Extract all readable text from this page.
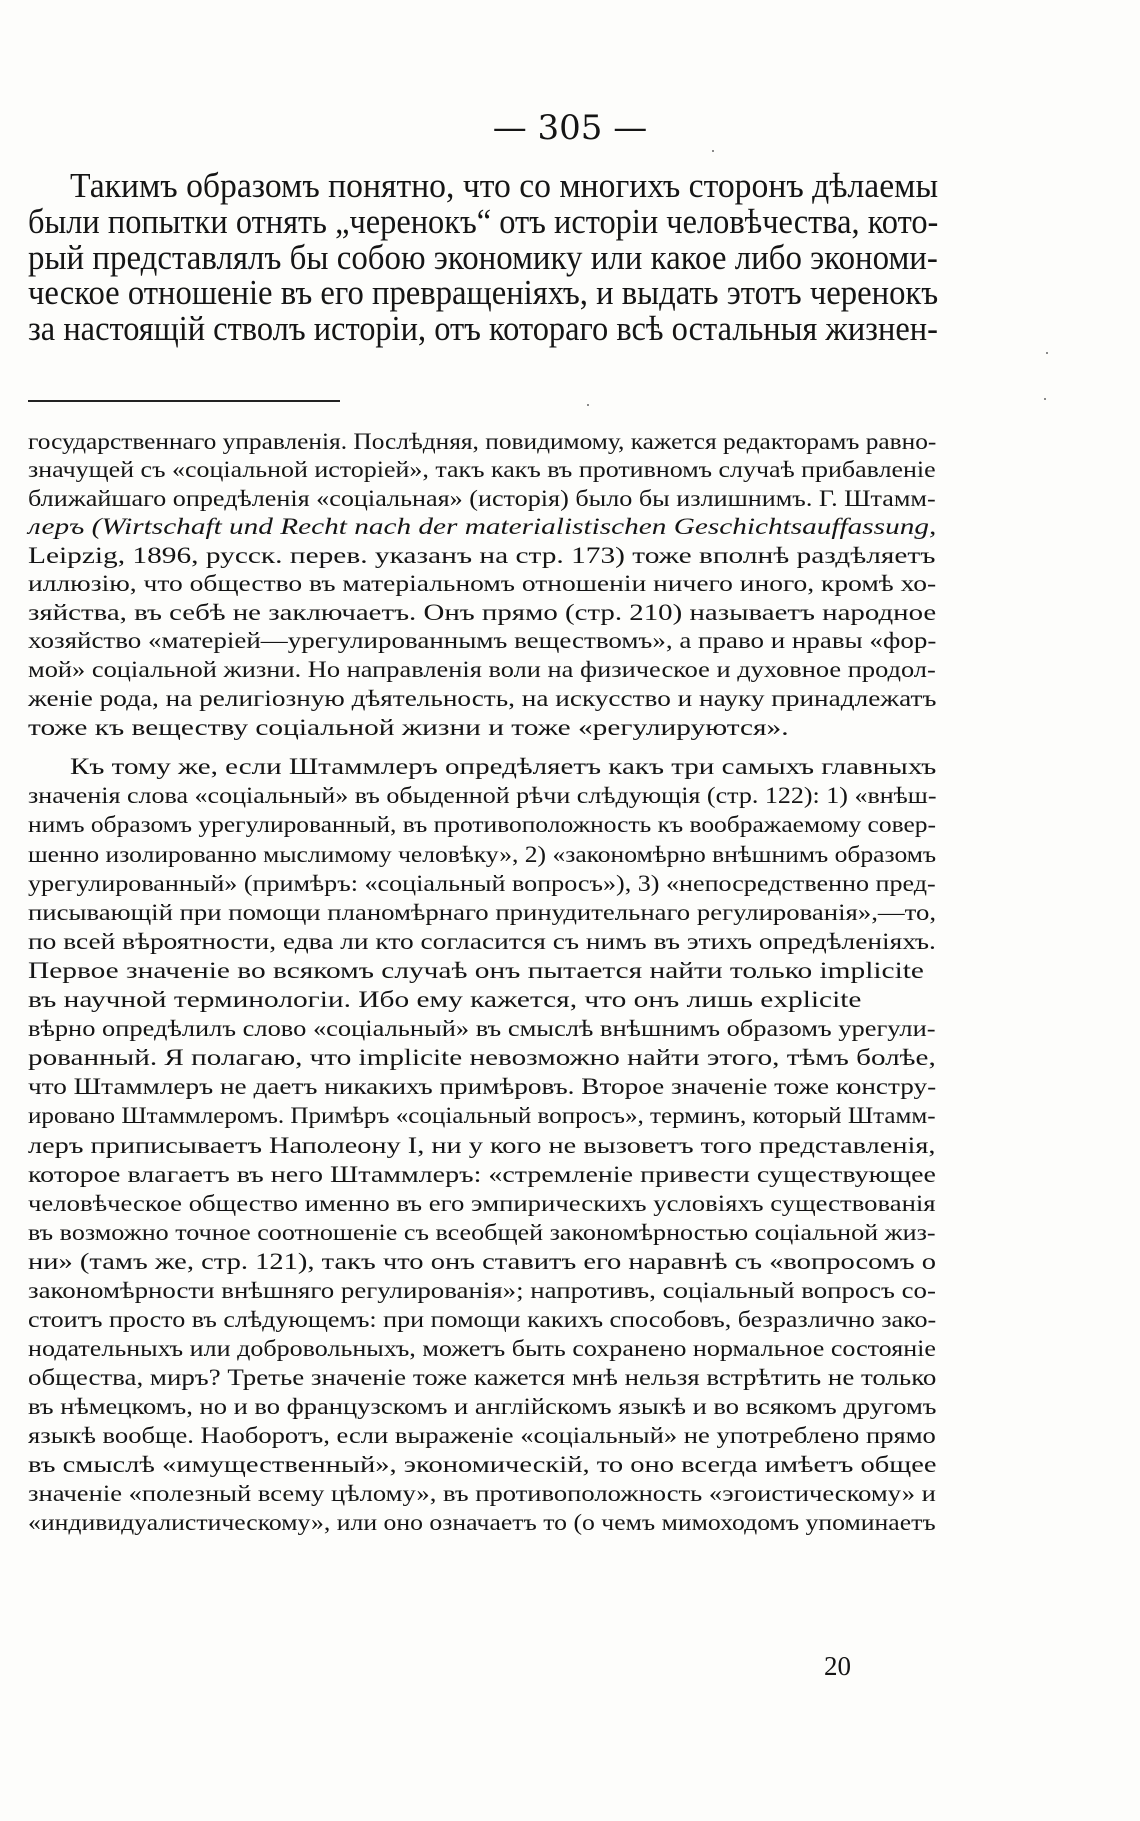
— 305 —
Такимъ образомъ понятно, что со многихъ сторонъ дѣлаемы
были попытки отнять „черенокъ“ отъ исторіи человѣчества, кото-
рый представлялъ бы собою экономику или какое либо экономи-
ческое отношеніе въ его превращеніяхъ, и выдать этотъ черенокъ
за настоящій стволъ исторіи, отъ котораго всѣ остальныя жизнен-
государственнаго управленія. Послѣдняя, повидимому, кажется редакторамъ равно-
значущей съ «соціальной исторіей», такъ какъ въ противномъ случаѣ прибавленіе
ближайшаго опредѣленія «соціальная» (исторія) было бы излишнимъ. Г. Штамм-
леръ (Wirtschaft und Recht nach der materialistischen Geschichtsauffassung,
Leipzig, 1896, русск. перев. указанъ на стр. 173) тоже вполнѣ раздѣляетъ
иллюзію, что общество въ матеріальномъ отношеніи ничего иного, кромѣ хо-
зяйства, въ себѣ не заключаетъ. Онъ прямо (стр. 210) называетъ народное
хозяйство «матеріей—урегулированнымъ веществомъ», а право и нравы «фор-
мой» соціальной жизни. Но направленія воли на физическое и духовное продол-
женіе рода, на религіозную дѣятельность, на искусство и науку принадлежатъ
тоже къ веществу соціальной жизни и тоже «регулируются».
Къ тому же, если Штаммлеръ опредѣляетъ какъ три самыхъ главныхъ
значенія слова «соціальный» въ обыденной рѣчи слѣдующія (стр. 122): 1) «внѣш-
нимъ образомъ урегулированный, въ противоположность къ воображаемому совер-
шенно изолированно мыслимому человѣку», 2) «закономѣрно внѣшнимъ образомъ
урегулированный» (примѣръ: «соціальный вопросъ»), 3) «непосредственно пред-
писывающій при помощи планомѣрнаго принудительнаго регулированія»,—то,
по всей вѣроятности, едва ли кто согласится съ нимъ въ этихъ опредѣленіяхъ.
Первое значеніе во всякомъ случаѣ онъ пытается найти только implicite
въ научной терминологіи. Ибо ему кажется, что онъ лишь explicite
вѣрно опредѣлилъ слово «соціальный» въ смыслѣ внѣшнимъ образомъ урегули-
рованный. Я полагаю, что implicite невозможно найти этого, тѣмъ болѣе,
что Штаммлеръ не даетъ никакихъ примѣровъ. Второе значеніе тоже констру-
ировано Штаммлеромъ. Примѣръ «соціальный вопросъ», терминъ, который Штамм-
леръ приписываетъ Наполеону I, ни у кого не вызоветъ того представленія,
которое влагаетъ въ него Штаммлеръ: «стремленіе привести существующее
человѣческое общество именно въ его эмпирическихъ условіяхъ существованія
въ возможно точное соотношеніе съ всеобщей закономѣрностью соціальной жиз-
ни» (тамъ же, стр. 121), такъ что онъ ставитъ его наравнѣ съ «вопросомъ о
закономѣрности внѣшняго регулированія»; напротивъ, соціальный вопросъ со-
стоитъ просто въ слѣдующемъ: при помощи какихъ способовъ, безразлично зако-
нодательныхъ или добровольныхъ, можетъ быть сохранено нормальное состояніе
общества, миръ? Третье значеніе тоже кажется мнѣ нельзя встрѣтить не только
въ нѣмецкомъ, но и во французскомъ и англійскомъ языкѣ и во всякомъ другомъ
языкѣ вообще. Наоборотъ, если выраженіе «соціальный» не употреблено прямо
въ смыслѣ «имущественный», экономическій, то оно всегда имѣетъ общее
значеніе «полезный всему цѣлому», въ противоположность «эгоистическому» и
«индивидуалистическому», или оно означаетъ то (о чемъ мимоходомъ упоминаетъ
20
